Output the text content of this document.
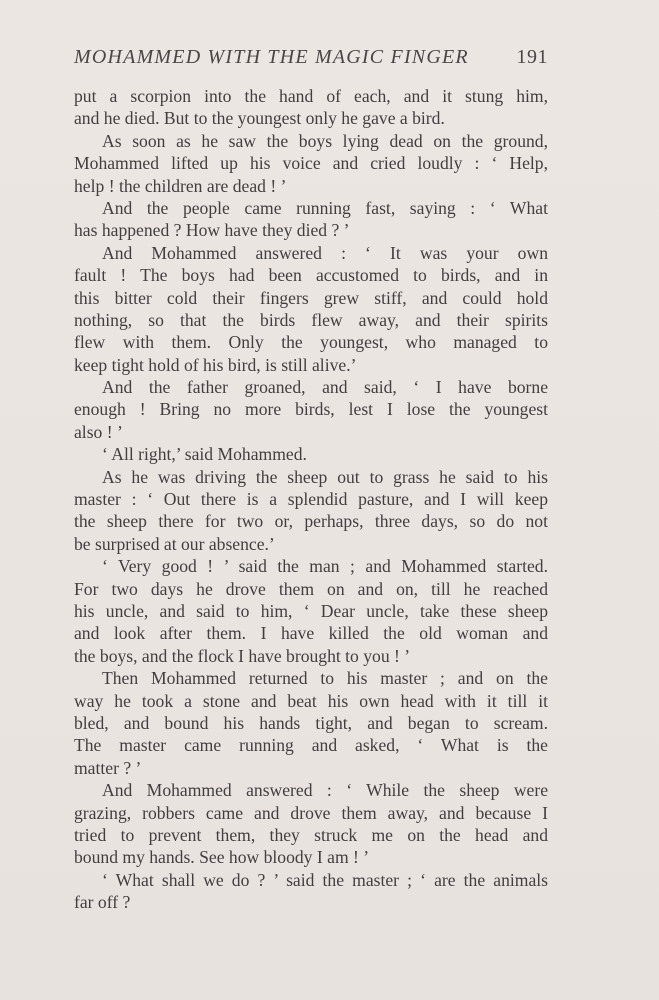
MOHAMMED WITH THE MAGIC FINGER 191
put a scorpion into the hand of each, and it stung him,
and he died. But to the youngest only he gave a bird.
As soon as he saw the boys lying dead on the ground,
Mohammed lifted up his voice and cried loudly : ‘ Help,
help ! the children are dead ! ’
And the people came running fast, saying : ‘ What
has happened ? How have they died ? ’
And Mohammed answered : ‘ It was your own
fault ! The boys had been accustomed to birds, and in
this bitter cold their fingers grew stiff, and could hold
nothing, so that the birds flew away, and their spirits
flew with them. Only the youngest, who managed to
keep tight hold of his bird, is still alive.’
And the father groaned, and said, ‘ I have borne
enough ! Bring no more birds, lest I lose the youngest
also ! ’
‘ All right,’ said Mohammed.
As he was driving the sheep out to grass he said to his
master : ‘ Out there is a splendid pasture, and I will keep
the sheep there for two or, perhaps, three days, so do not
be surprised at our absence.’
‘ Very good ! ’ said the man ; and Mohammed started.
For two days he drove them on and on, till he reached
his uncle, and said to him, ‘ Dear uncle, take these sheep
and look after them. I have killed the old woman and
the boys, and the flock I have brought to you ! ’
Then Mohammed returned to his master ; and on the
way he took a stone and beat his own head with it till it
bled, and bound his hands tight, and began to scream.
The master came running and asked, ‘ What is the
matter ? ’
And Mohammed answered : ‘ While the sheep were
grazing, robbers came and drove them away, and because I
tried to prevent them, they struck me on the head and
bound my hands. See how bloody I am ! ’
‘ What shall we do ? ’ said the master ; ‘ are the animals
far off ?
